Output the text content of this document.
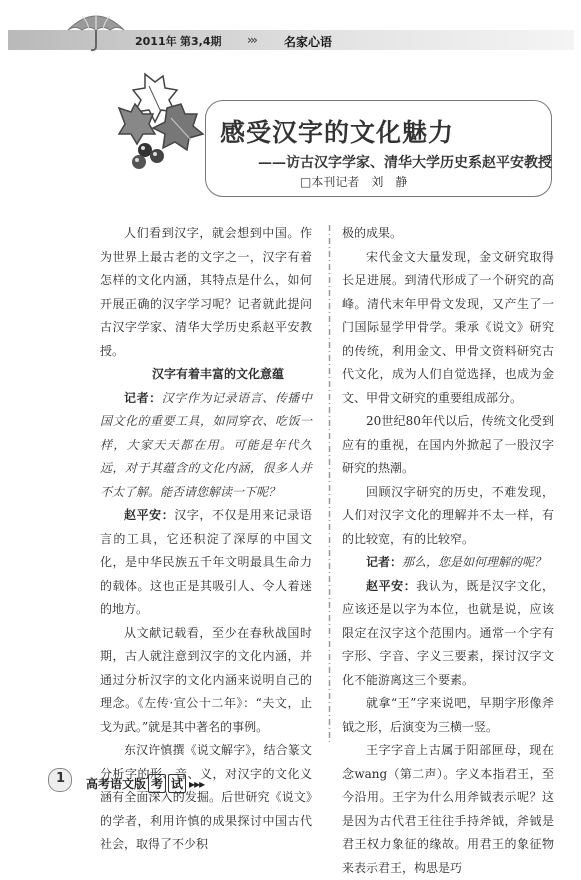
2011年 第3,4期 ››› 名家心语
感受汉字的文化魅力
——访古汉字学家、清华大学历史系赵平安教授
□本刊记者　刘　静

人们看到汉字，就会想到中国。作为世界上最古老的文字之一，汉字有着怎样的文化内涵，其特点是什么，如何开展正确的汉字学习呢？记者就此提问古汉字学家、清华大学历史系赵平安教授。

汉字有着丰富的文化意蕴

记者：汉字作为记录语言、传播中国文化的重要工具，如同穿衣、吃饭一样，大家天天都在用。可能是年代久远，对于其蕴含的文化内涵，很多人并不太了解。能否请您解读一下呢？

赵平安：汉字，不仅是用来记录语言的工具，它还积淀了深厚的中国文化，是中华民族五千年文明最具生命力的载体。这也正是其吸引人、令人着迷的地方。

从文献记载看，至少在春秋战国时期，古人就注意到汉字的文化内涵，并通过分析汉字的文化内涵来说明自己的理念。《左传·宣公十二年》：“夫文，止戈为武。”就是其中著名的事例。

东汉许慎撰《说文解字》，结合篆文分析字的形、音、义，对汉字的文化义涵有全面深入的发掘。后世研究《说文》的学者，利用许慎的成果探讨中国古代社会，取得了不少积

极的成果。

宋代金文大量发现，金文研究取得长足进展。到清代形成了一个研究的高峰。清代末年甲骨文发现，又产生了一门国际显学甲骨学。秉承《说文》研究的传统，利用金文、甲骨文资料研究古代文化，成为人们自觉选择，也成为金文、甲骨文研究的重要组成部分。

20世纪80年代以后，传统文化受到应有的重视，在国内外掀起了一股汉字研究的热潮。

回顾汉字研究的历史，不难发现，人们对汉字文化的理解并不太一样，有的比较宽，有的比较窄。

记者：那么，您是如何理解的呢？

赵平安：我认为，既是汉字文化，应该还是以字为本位，也就是说，应该限定在汉字这个范围内。通常一个字有字形、字音、字义三要素，探讨汉字文化不能游离这三个要素。

就拿“王”字来说吧，早期字形像斧钺之形，后演变为三横一竖。

王字字音上古属于阳部匣母，现在念wang（第二声）。字义本指君王，至今沿用。王字为什么用斧钺表示呢？这是因为古代君王往往手持斧钺，斧钺是君王权力象征的缘故。用君王的象征物来表示君王，构思是巧

1 高考语文版 考 试 ▸▸▸
